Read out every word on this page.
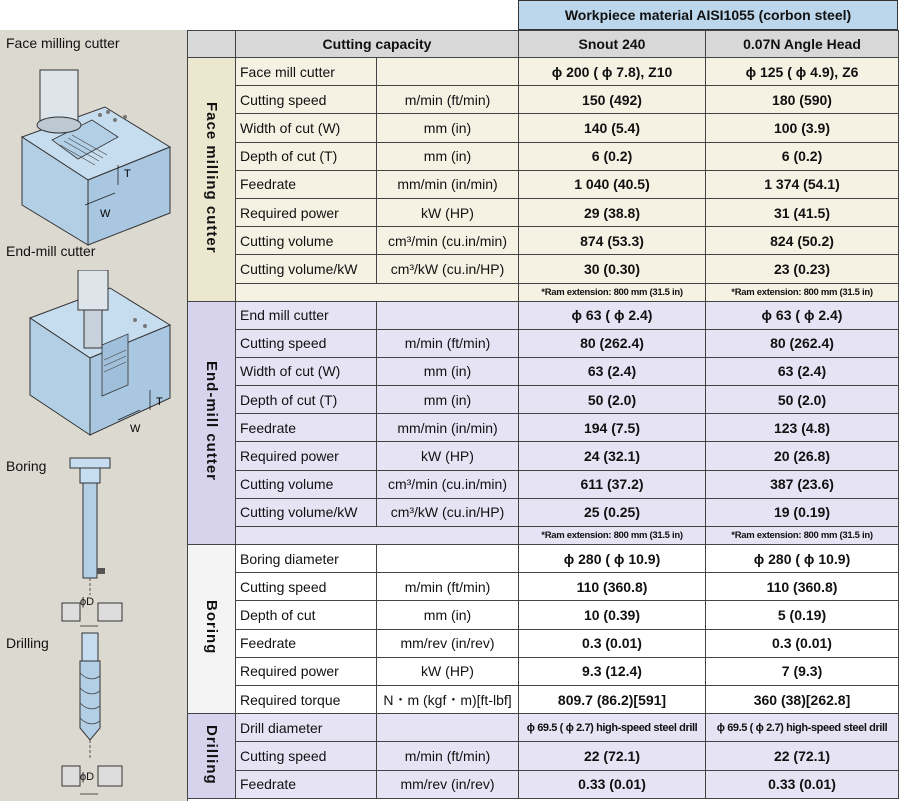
Workpiece material AISI1055 (corbon steel)
Face milling cutter
T
W
End-mill cutter
T
W
Boring
ϕD
Drilling
ϕD
	Cutting capacity		Snout 240	0.07N Angle Head
Face milling cutter	Face mill cutter		ϕ 200 ( ϕ 7.8), Z10	ϕ 125 ( ϕ 4.9), Z6
	Cutting speed	m/min (ft/min)	150 (492)	180 (590)
	Width of cut (W)	mm (in)	140 (5.4)	100 (3.9)
	Depth of cut (T)	mm (in)	6 (0.2)	6 (0.2)
	Feedrate	mm/min (in/min)	1 040 (40.5)	1 374 (54.1)
	Required power	kW (HP)	29 (38.8)	31 (41.5)
	Cutting volume	cm³/min (cu.in/min)	874 (53.3)	824 (50.2)
	Cutting volume/kW	cm³/kW (cu.in/HP)	30 (0.30)	23 (0.23)
			*Ram extension: 800 mm (31.5 in)	*Ram extension: 800 mm (31.5 in)
End-mill cutter	End mill cutter		ϕ 63 ( ϕ 2.4)	ϕ 63 ( ϕ 2.4)
	Cutting speed	m/min (ft/min)	80 (262.4)	80 (262.4)
	Width of cut (W)	mm (in)	63 (2.4)	63 (2.4)
	Depth of cut (T)	mm (in)	50 (2.0)	50 (2.0)
	Feedrate	mm/min (in/min)	194 (7.5)	123 (4.8)
	Required power	kW (HP)	24 (32.1)	20 (26.8)
	Cutting volume	cm³/min (cu.in/min)	611 (37.2)	387 (23.6)
	Cutting volume/kW	cm³/kW (cu.in/HP)	25 (0.25)	19 (0.19)
			*Ram extension: 800 mm (31.5 in)	*Ram extension: 800 mm (31.5 in)
Boring	Boring diameter		ϕ 280 ( ϕ 10.9)	ϕ 280 ( ϕ 10.9)
	Cutting speed	m/min (ft/min)	110 (360.8)	110 (360.8)
	Depth of cut	mm (in)	10 (0.39)	5 (0.19)
	Feedrate	mm/rev (in/rev)	0.3 (0.01)	0.3 (0.01)
	Required power	kW (HP)	9.3 (12.4)	7 (9.3)
	Required torque	N・m (kgf・m)[ft-lbf]	809.7 (86.2)[591]	360 (38)[262.8]
Drilling	Drill diameter		ϕ 69.5 ( ϕ 2.7) high-speed steel drill	ϕ 69.5 ( ϕ 2.7) high-speed steel drill
	Cutting speed	m/min (ft/min)	22 (72.1)	22 (72.1)
	Feedrate	mm/rev (in/rev)	0.33 (0.01)	0.33 (0.01)
